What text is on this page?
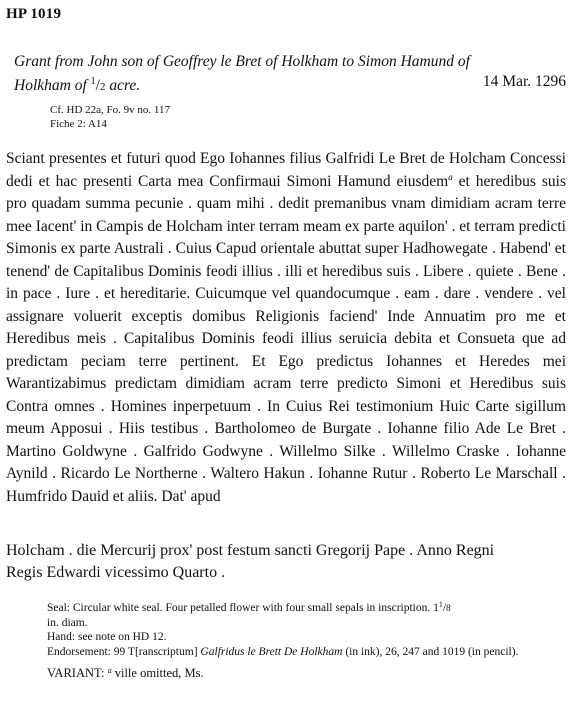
HP 1019
Grant from John son of Geoffrey le Bret of Holkham to Simon Hamund of
Holkham of $^1$/2 acre.	14 Mar. 1296
Cf. HD 22a, Fo. 9v no. 117
Fiche 2: A14
Sciant presentes et futuri quod Ego Iohannes filius Galfridi Le Bret de Holcham Concessi dedi et hac presenti Carta mea Confirmaui Simoni Hamund eiusdem$^a$ et heredibus suis pro quadam summa pecunie . quam mihi . dedit premanibus vnam dimidiam acram terre mee Iacent' in Campis de Holcham inter terram meam ex parte aquilon' . et terram predicti Simonis ex parte Australi . Cuius Capud orientale abuttat super Hadhowegate . Habend' et tenend' de Capitalibus Dominis feodi illius . illi et heredibus suis . Libere . quiete . Bene . in pace . Iure . et hereditarie. Cuicumque vel quandocumque . eam . dare . vendere . vel assignare voluerit exceptis domibus Religionis faciend' Inde Annuatim pro me et Heredibus meis . Capitalibus Dominis feodi illius seruicia debita et Consueta que ad predictam peciam terre pertinent. Et Ego predictus Iohannes et Heredes mei Warantizabimus predictam dimidiam acram terre predicto Simoni et Heredibus suis Contra omnes . Homines inperpetuum . In Cuius Rei testimonium Huic Carte sigillum meum Apposui . Hiis testibus . Bartholomeo de Burgate . Iohanne filio Ade Le Bret . Martino Goldwyne . Galfrido Godwyne . Willelmo Silke . Willelmo Craske . Iohanne Aynild . Ricardo Le Northerne . Waltero Hakun . Iohanne Rutur . Roberto Le Marschall . Humfrido Dauid et aliis. Dat' apud
Holcham . die Mercurij prox' post festum sancti Gregorij Pape . Anno Regni
Regis Edwardi vicessimo Quarto .

Seal: Circular white seal. Four petalled flower with four small sepals in inscription. $1^1/8$
in. diam.

Hand: see note on HD 12.

Endorsement: 99 T[ranscriptum] Galfridus le Brett De Holkham (in ink), 26, 247 and 1019 (in pencil).

VARIANT: $^a$ ville omitted, Ms.
